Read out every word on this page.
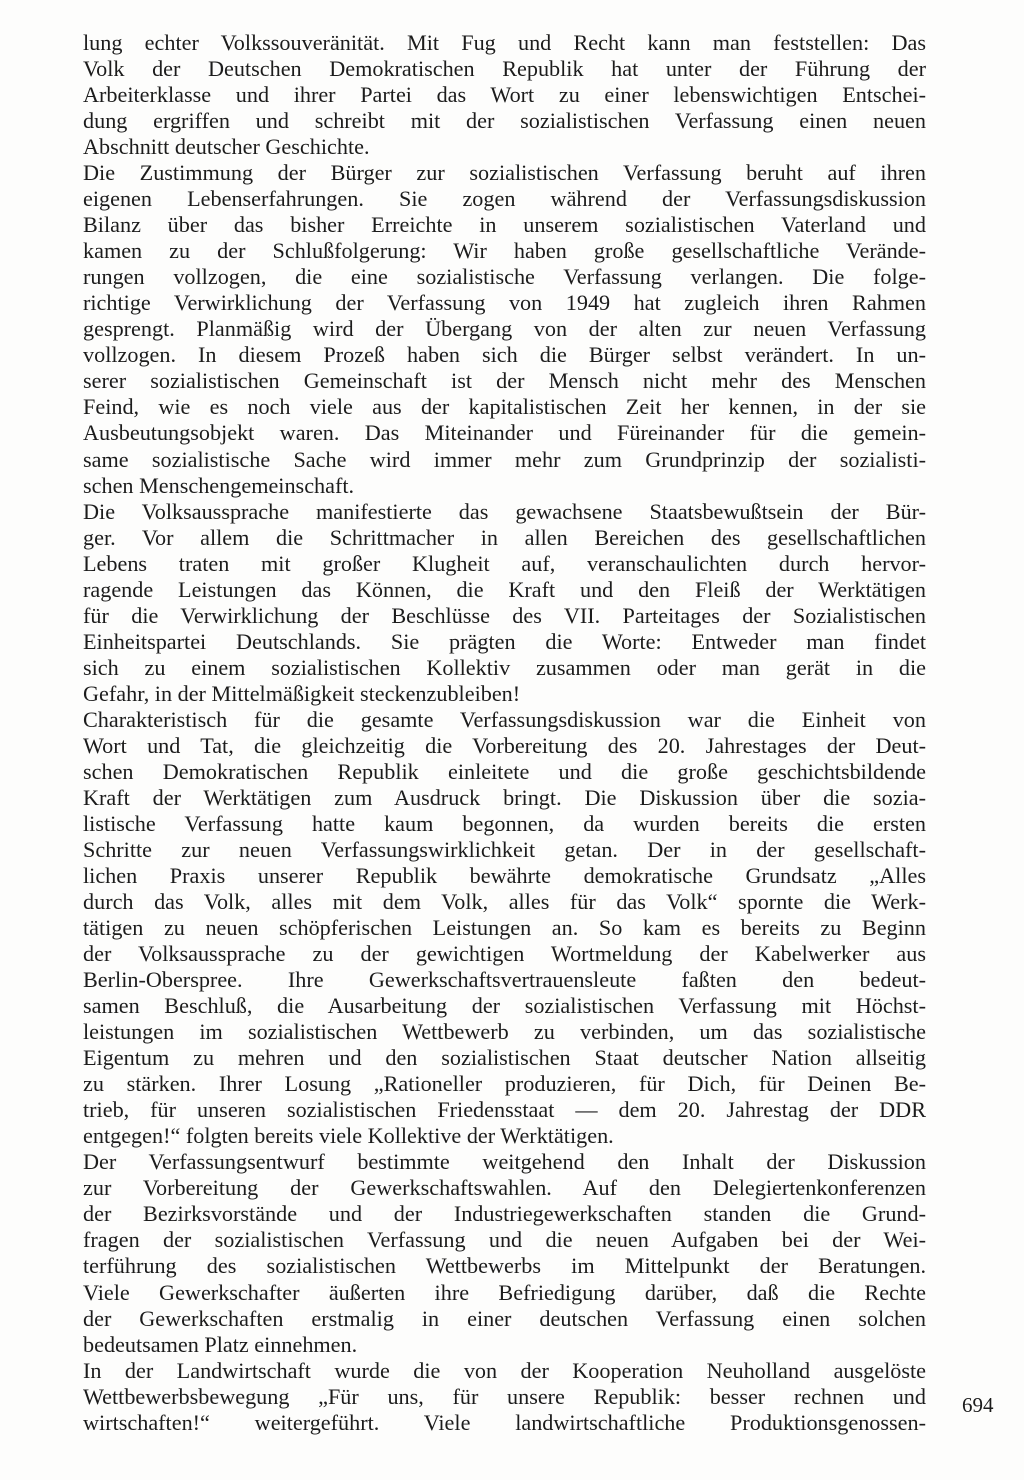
lung echter Volkssouveränität. Mit Fug und Recht kann man feststellen: Das
Volk der Deutschen Demokratischen Republik hat unter der Führung der
Arbeiterklasse und ihrer Partei das Wort zu einer lebenswichtigen Entschei-
dung ergriffen und schreibt mit der sozialistischen Verfassung einen neuen
Abschnitt deutscher Geschichte.
Die Zustimmung der Bürger zur sozialistischen Verfassung beruht auf ihren
eigenen Lebenserfahrungen. Sie zogen während der Verfassungsdiskussion
Bilanz über das bisher Erreichte in unserem sozialistischen Vaterland und
kamen zu der Schlußfolgerung: Wir haben große gesellschaftliche Verände-
rungen vollzogen, die eine sozialistische Verfassung verlangen. Die folge-
richtige Verwirklichung der Verfassung von 1949 hat zugleich ihren Rahmen
gesprengt. Planmäßig wird der Übergang von der alten zur neuen Verfassung
vollzogen. In diesem Prozeß haben sich die Bürger selbst verändert. In un-
serer sozialistischen Gemeinschaft ist der Mensch nicht mehr des Menschen
Feind, wie es noch viele aus der kapitalistischen Zeit her kennen, in der sie
Ausbeutungsobjekt waren. Das Miteinander und Füreinander für die gemein-
same sozialistische Sache wird immer mehr zum Grundprinzip der sozialisti-
schen Menschengemeinschaft.
Die Volksaussprache manifestierte das gewachsene Staatsbewußtsein der Bür-
ger. Vor allem die Schrittmacher in allen Bereichen des gesellschaftlichen
Lebens traten mit großer Klugheit auf, veranschaulichten durch hervor-
ragende Leistungen das Können, die Kraft und den Fleiß der Werktätigen
für die Verwirklichung der Beschlüsse des VII. Parteitages der Sozialistischen
Einheitspartei Deutschlands. Sie prägten die Worte: Entweder man findet
sich zu einem sozialistischen Kollektiv zusammen oder man gerät in die
Gefahr, in der Mittelmäßigkeit steckenzubleiben!
Charakteristisch für die gesamte Verfassungsdiskussion war die Einheit von
Wort und Tat, die gleichzeitig die Vorbereitung des 20. Jahrestages der Deut-
schen Demokratischen Republik einleitete und die große geschichtsbildende
Kraft der Werktätigen zum Ausdruck bringt. Die Diskussion über die sozia-
listische Verfassung hatte kaum begonnen, da wurden bereits die ersten
Schritte zur neuen Verfassungswirklichkeit getan. Der in der gesellschaft-
lichen Praxis unserer Republik bewährte demokratische Grundsatz „Alles
durch das Volk, alles mit dem Volk, alles für das Volk“ spornte die Werk-
tätigen zu neuen schöpferischen Leistungen an. So kam es bereits zu Beginn
der Volksaussprache zu der gewichtigen Wortmeldung der Kabelwerker aus
Berlin-Oberspree. Ihre Gewerkschaftsvertrauensleute faßten den bedeut-
samen Beschluß, die Ausarbeitung der sozialistischen Verfassung mit Höchst-
leistungen im sozialistischen Wettbewerb zu verbinden, um das sozialistische
Eigentum zu mehren und den sozialistischen Staat deutscher Nation allseitig
zu stärken. Ihrer Losung „Rationeller produzieren, für Dich, für Deinen Be-
trieb, für unseren sozialistischen Friedensstaat — dem 20. Jahrestag der DDR
entgegen!“ folgten bereits viele Kollektive der Werktätigen.
Der Verfassungsentwurf bestimmte weitgehend den Inhalt der Diskussion
zur Vorbereitung der Gewerkschaftswahlen. Auf den Delegiertenkonferenzen
der Bezirksvorstände und der Industriegewerkschaften standen die Grund-
fragen der sozialistischen Verfassung und die neuen Aufgaben bei der Wei-
terführung des sozialistischen Wettbewerbs im Mittelpunkt der Beratungen.
Viele Gewerkschafter äußerten ihre Befriedigung darüber, daß die Rechte
der Gewerkschaften erstmalig in einer deutschen Verfassung einen solchen
bedeutsamen Platz einnehmen.
In der Landwirtschaft wurde die von der Kooperation Neuholland ausgelöste
Wettbewerbsbewegung „Für uns, für unsere Republik: besser rechnen und
wirtschaften!“ weitergeführt. Viele landwirtschaftliche Produktionsgenossen-
694
